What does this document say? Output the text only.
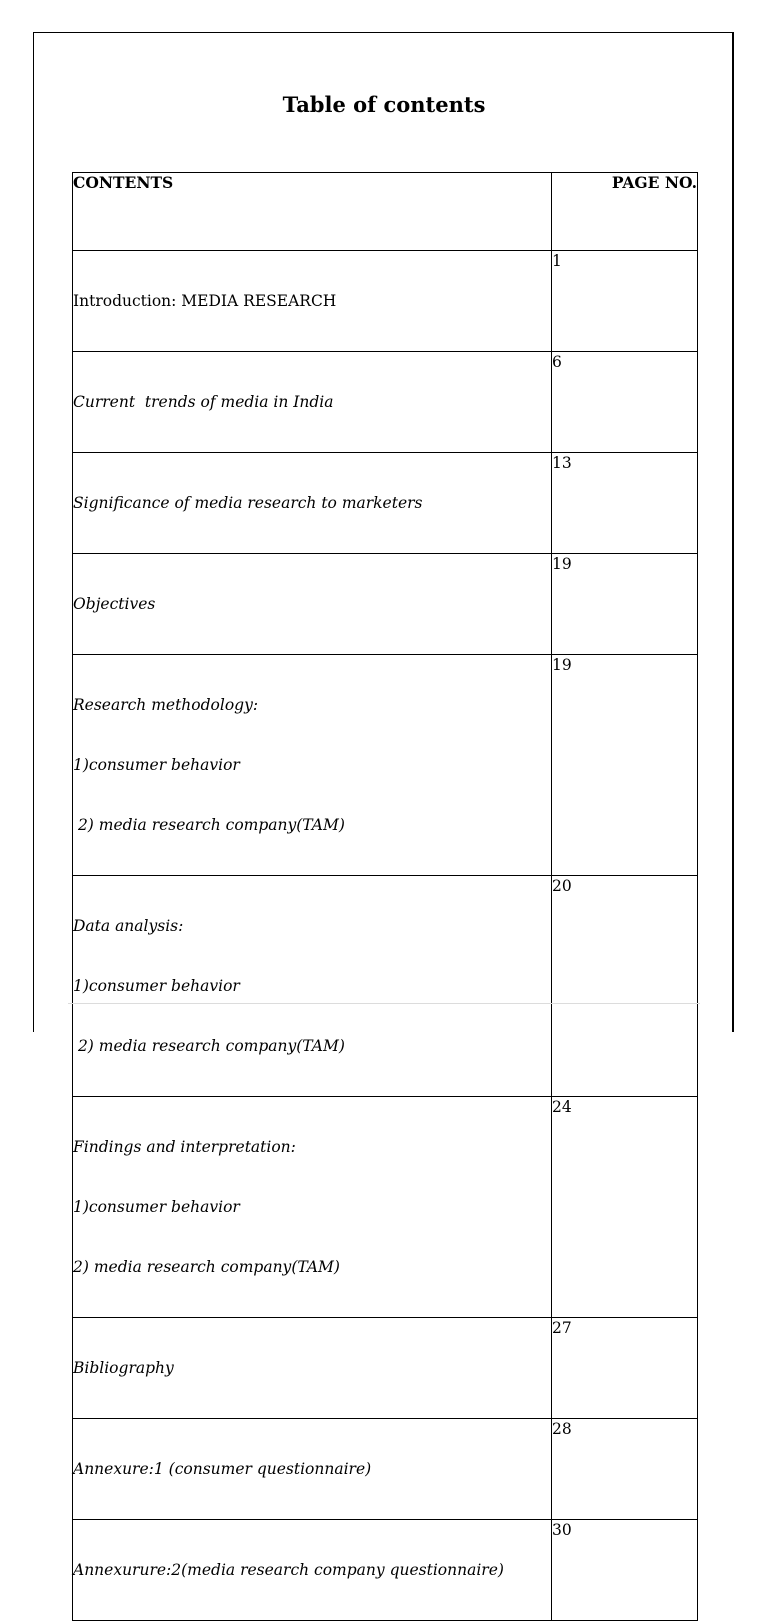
Table of contents
CONTENTS	PAGE NO.

Introduction: MEDIA RESEARCH	1

Current  trends of media in India	6

Significance of media research to marketers	13

Objectives	19

Research methodology:

1)consumer behavior

2) media research company(TAM)	19

Data analysis:

1)consumer behavior

2) media research company(TAM)	20

Findings and interpretation:

1)consumer behavior

2) media research company(TAM)	24

Bibliography	27

Annexure:1 (consumer questionnaire)	28

Annexurure:2(media research company questionnaire)	30
